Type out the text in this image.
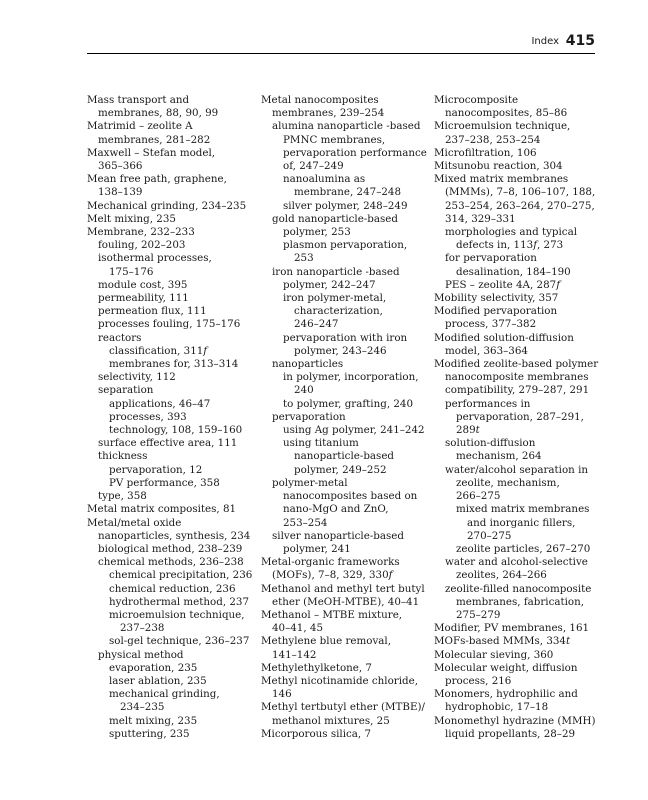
Index 415
Mass transport and
membranes, 88, 90, 99
Matrimid – zeolite A
membranes, 281–282
Maxwell – Stefan model,
365–366
Mean free path, graphene,
138–139
Mechanical grinding, 234–235
Melt mixing, 235
Membrane, 232–233
fouling, 202–203
isothermal processes,
175–176
module cost, 395
permeability, 111
permeation flux, 111
processes fouling, 175–176
reactors
classification, 311f
membranes for, 313–314
selectivity, 112
separation
applications, 46–47
processes, 393
technology, 108, 159–160
surface effective area, 111
thickness
pervaporation, 12
PV performance, 358
type, 358
Metal matrix composites, 81
Metal/metal oxide
nanoparticles, synthesis, 234
biological method, 238–239
chemical methods, 236–238
chemical precipitation, 236
chemical reduction, 236
hydrothermal method, 237
microemulsion technique,
237–238
sol-gel technique, 236–237
physical method
evaporation, 235
laser ablation, 235
mechanical grinding,
234–235
melt mixing, 235
sputtering, 235
Metal nanocomposites
membranes, 239–254
alumina nanoparticle -based
PMNC membranes,
pervaporation performance
of, 247–249
nanoalumina as
membrane, 247–248
silver polymer, 248–249
gold nanoparticle-based
polymer, 253
plasmon pervaporation,
253
iron nanoparticle -based
polymer, 242–247
iron polymer-metal,
characterization,
246–247
pervaporation with iron
polymer, 243–246
nanoparticles
in polymer, incorporation,
240
to polymer, grafting, 240
pervaporation
using Ag polymer, 241–242
using titanium
nanoparticle-based
polymer, 249–252
polymer-metal
nanocomposites based on
nano-MgO and ZnO,
253–254
silver nanoparticle-based
polymer, 241
Metal-organic frameworks
(MOFs), 7–8, 329, 330f
Methanol and methyl tert butyl
ether (MeOH-MTBE), 40–41
Methanol – MTBE mixture,
40–41, 45
Methylene blue removal,
141–142
Methylethylketone, 7
Methyl nicotinamide chloride,
146
Methyl tertbutyl ether (MTBE)/
methanol mixtures, 25
Micorporous silica, 7
Microcomposite
nanocomposites, 85–86
Microemulsion technique,
237–238, 253–254
Microfiltration, 106
Mitsunobu reaction, 304
Mixed matrix membranes
(MMMs), 7–8, 106–107, 188,
253–254, 263–264, 270–275,
314, 329–331
morphologies and typical
defects in, 113f, 273
for pervaporation
desalination, 184–190
PES – zeolite 4A, 287f
Mobility selectivity, 357
Modified pervaporation
process, 377–382
Modified solution-diffusion
model, 363–364
Modified zeolite-based polymer
nanocomposite membranes
compatibility, 279–287, 291
performances in
pervaporation, 287–291,
289t
solution-diffusion
mechanism, 264
water/alcohol separation in
zeolite, mechanism,
266–275
mixed matrix membranes
and inorganic fillers,
270–275
zeolite particles, 267–270
water and alcohol-selective
zeolites, 264–266
zeolite-filled nanocomposite
membranes, fabrication,
275–279
Modifier, PV membranes, 161
MOFs-based MMMs, 334t
Molecular sieving, 360
Molecular weight, diffusion
process, 216
Monomers, hydrophilic and
hydrophobic, 17–18
Monomethyl hydrazine (MMH)
liquid propellants, 28–29
